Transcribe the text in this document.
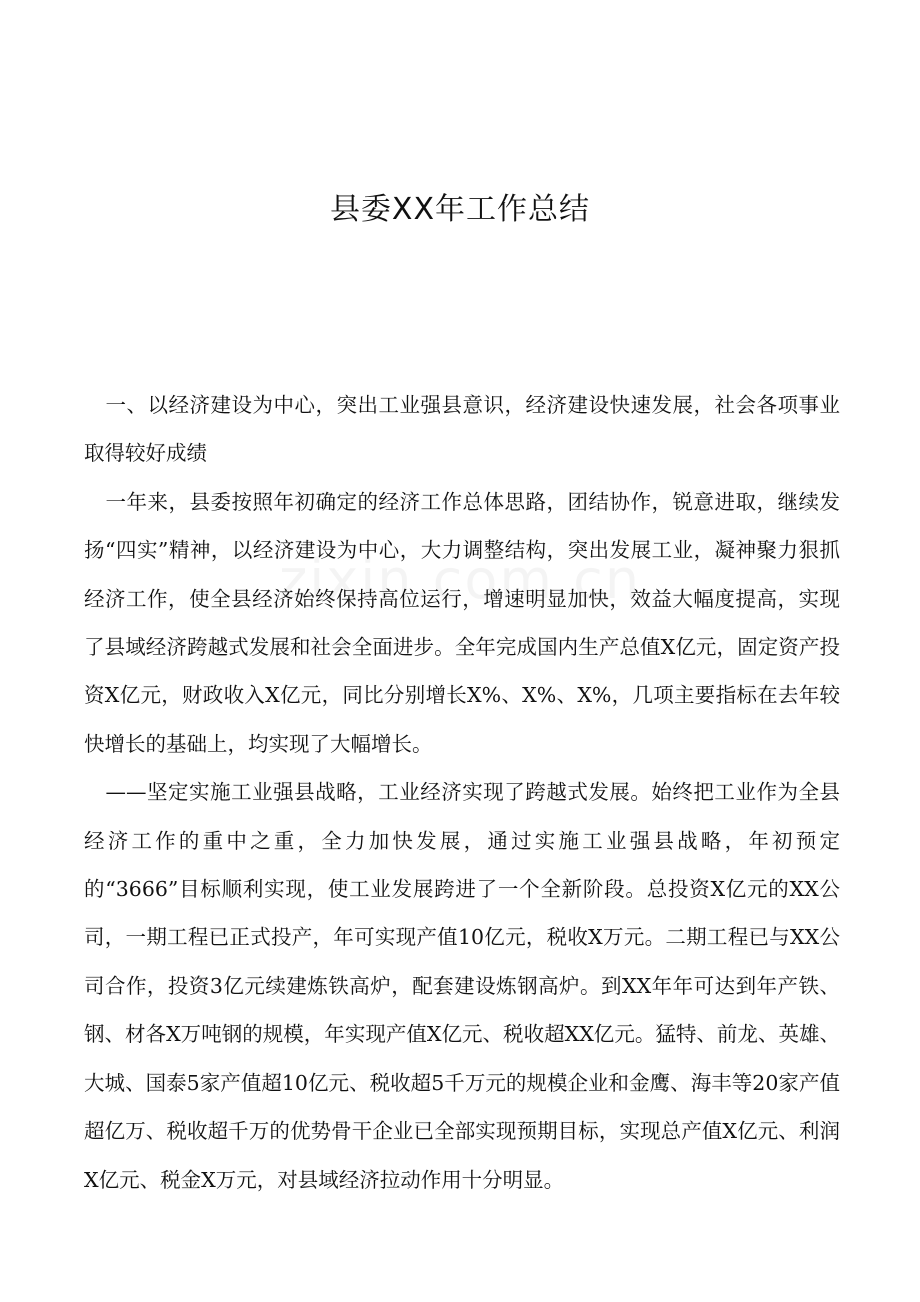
县委XX年工作总结

一、以经济建设为中心，突出工业强县意识，经济建设快速发展，社会各项事业取得较好成绩

一年来，县委按照年初确定的经济工作总体思路，团结协作，锐意进取，继续发扬“四实”精神，以经济建设为中心，大力调整结构，突出发展工业，凝神聚力狠抓经济工作，使全县经济始终保持高位运行，增速明显加快，效益大幅度提高，实现了县域经济跨越式发展和社会全面进步。全年完成国内生产总值X亿元，固定资产投资X亿元，财政收入X亿元，同比分别增长X%、X%、X%，几项主要指标在去年较快增长的基础上，均实现了大幅增长。

——坚定实施工业强县战略，工业经济实现了跨越式发展。始终把工业作为全县经济工作的重中之重，全力加快发展，通过实施工业强县战略，年初预定的“3666”目标顺利实现，使工业发展跨进了一个全新阶段。总投资X亿元的XX公司，一期工程已正式投产，年可实现产值10亿元，税收X万元。二期工程已与XX公司合作，投资3亿元续建炼铁高炉，配套建设炼钢高炉。到XX年年可达到年产铁、钢、材各X万吨钢的规模，年实现产值X亿元、税收超XX亿元。猛特、前龙、英雄、大城、国泰5家产值超10亿元、税收超5千万元的规模企业和金鹰、海丰等20家产值超亿万、税收超千万的优势骨干企业已全部实现预期目标，实现总产值X亿元、利润X亿元、税金X万元，对县域经济拉动作用十分明显。
